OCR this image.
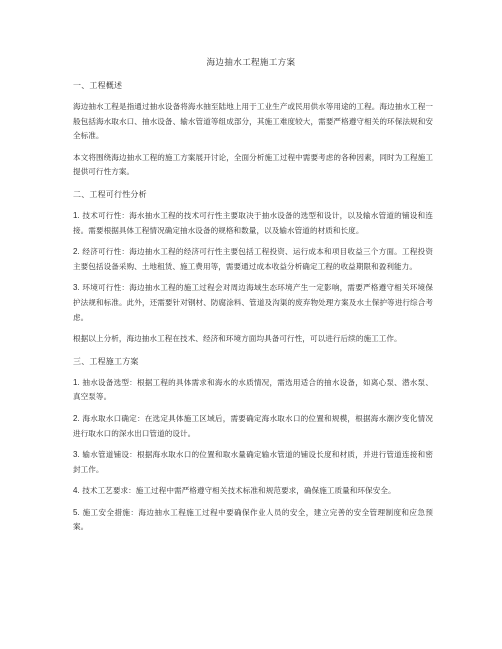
海边抽水工程施工方案
一、工程概述
海边抽水工程是指通过抽水设备将海水抽至陆地上用于工业生产或民用供水等用途的工程。海边抽水工程一般包括海水取水口、抽水设备、输水管道等组成部分，其施工难度较大，需要严格遵守相关的环保法规和安全标准。
本文将围绕海边抽水工程的施工方案展开讨论，全面分析施工过程中需要考虑的各种因素，同时为工程施工提供可行性方案。
二、工程可行性分析
1. 技术可行性：海水抽水工程的技术可行性主要取决于抽水设备的选型和设计，以及输水管道的铺设和连接。需要根据具体工程情况确定抽水设备的规格和数量，以及输水管道的材质和长度。
2. 经济可行性：海边抽水工程的经济可行性主要包括工程投资、运行成本和项目收益三个方面。工程投资主要包括设备采购、土地租赁、施工费用等，需要通过成本收益分析确定工程的收益期限和盈利能力。
3. 环境可行性：海边抽水工程的施工过程会对周边海域生态环境产生一定影响，需要严格遵守相关环境保护法规和标准。此外，还需要针对钢材、防腐涂料、管道及沟渠的废弃物处理方案及水土保护等进行综合考虑。
根据以上分析，海边抽水工程在技术、经济和环境方面均具备可行性，可以进行后续的施工工作。
三、工程施工方案
1. 抽水设备选型：根据工程的具体需求和海水的水质情况，需选用适合的抽水设备，如离心泵、潜水泵、真空泵等。
2. 海水取水口确定：在选定具体施工区域后，需要确定海水取水口的位置和规模，根据海水潮汐变化情况进行取水口的深水出口管道的设计。
3. 输水管道铺设：根据海水取水口的位置和取水量确定输水管道的铺设长度和材质，并进行管道连接和密封工作。
4. 技术工艺要求：施工过程中需严格遵守相关技术标准和规范要求，确保施工质量和环保安全。
5. 施工安全措施：海边抽水工程施工过程中要确保作业人员的安全，建立完善的安全管理制度和应急预案。
